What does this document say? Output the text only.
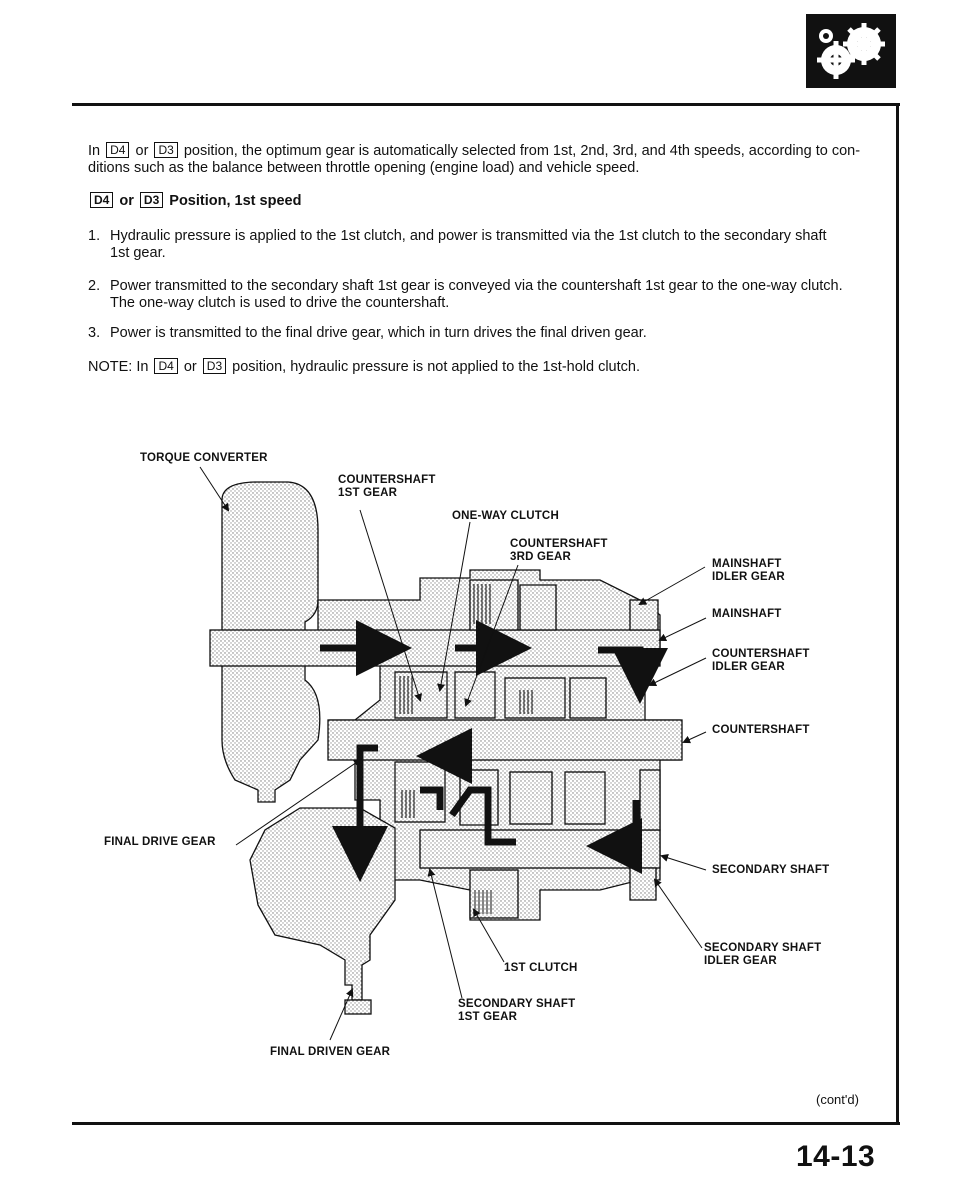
In D4 or D3 position, the optimum gear is automatically selected from 1st, 2nd, 3rd, and 4th speeds, according to con-
ditions such as the balance between throttle opening (engine load) and vehicle speed.
D4 or D3 Position, 1st speed
1. Hydraulic pressure is applied to the 1st clutch, and power is transmitted via the 1st clutch to the secondary shaft
1st gear.
2. Power transmitted to the secondary shaft 1st gear is conveyed via the countershaft 1st gear to the one-way clutch.
The one-way clutch is used to drive the countershaft.
3. Power is transmitted to the final drive gear, which in turn drives the final driven gear.
NOTE: In D4 or D3 position, hydraulic pressure is not applied to the 1st-hold clutch.
TORQUE CONVERTER
COUNTERSHAFT
1ST GEAR
ONE-WAY CLUTCH
COUNTERSHAFT
3RD GEAR
MAINSHAFT
IDLER GEAR
MAINSHAFT
COUNTERSHAFT
IDLER GEAR
COUNTERSHAFT
FINAL DRIVE GEAR
SECONDARY SHAFT
SECONDARY SHAFT
IDLER GEAR
1ST CLUTCH
SECONDARY SHAFT
1ST GEAR
FINAL DRIVEN GEAR
(cont'd)
14-13
